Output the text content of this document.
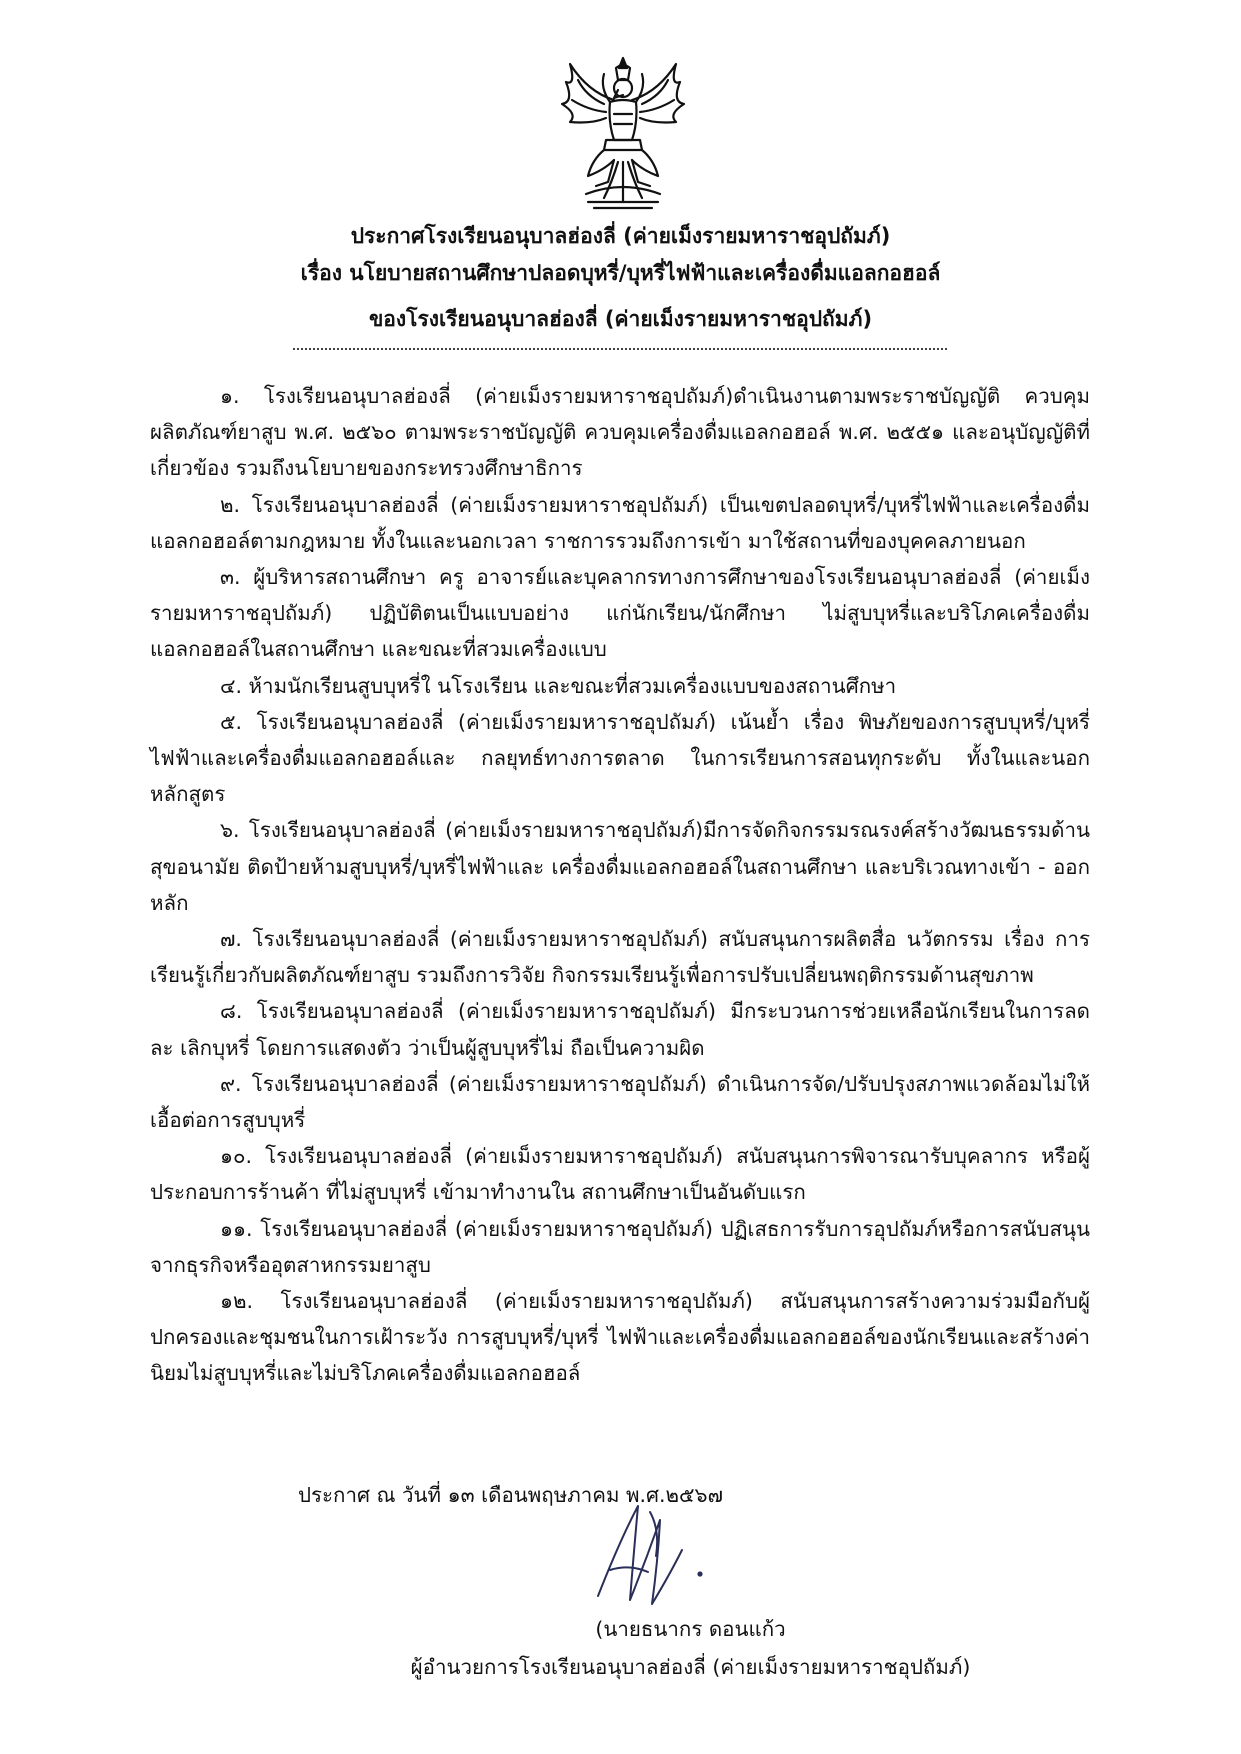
ประกาศโรงเรียนอนุบาลฮ่องลี่ (ค่ายเม็งรายมหาราชอุปถัมภ์)
เรื่อง นโยบายสถานศึกษาปลอดบุหรี่/บุหรี่ไฟฟ้าและเครื่องดื่มแอลกอฮอล์
ของโรงเรียนอนุบาลฮ่องลี่ (ค่ายเม็งรายมหาราชอุปถัมภ์)

๑. โรงเรียนอนุบาลฮ่องลี่ (ค่ายเม็งรายมหาราชอุปถัมภ์)ดำเนินงานตามพระราชบัญญัติ ควบคุมผลิตภัณฑ์ยาสูบ พ.ศ. ๒๕๖๐ ตามพระราชบัญญัติ ควบคุมเครื่องดื่มแอลกอฮอล์ พ.ศ. ๒๕๕๑ และอนุบัญญัติที่เกี่ยวข้อง รวมถึงนโยบายของกระทรวงศึกษาธิการ

๒. โรงเรียนอนุบาลฮ่องลี่ (ค่ายเม็งรายมหาราชอุปถัมภ์) เป็นเขตปลอดบุหรี่/บุหรี่ไฟฟ้าและเครื่องดื่มแอลกอฮอล์ตามกฎหมาย ทั้งในและนอกเวลา ราชการรวมถึงการเข้า มาใช้สถานที่ของบุคคลภายนอก

๓. ผู้บริหารสถานศึกษา ครู อาจารย์และบุคลากรทางการศึกษาของโรงเรียนอนุบาลฮ่องลี่ (ค่ายเม็งรายมหาราชอุปถัมภ์) ปฏิบัติตนเป็นแบบอย่าง แก่นักเรียน/นักศึกษา ไม่สูบบุหรี่และบริโภคเครื่องดื่มแอลกอฮอล์ในสถานศึกษา และขณะที่สวมเครื่องแบบ

๔. ห้ามนักเรียนสูบบุหรี่ใ นโรงเรียน และขณะที่สวมเครื่องแบบของสถานศึกษา

๕. โรงเรียนอนุบาลฮ่องลี่ (ค่ายเม็งรายมหาราชอุปถัมภ์) เน้นย้ำ เรื่อง พิษภัยของการสูบบุหรี่/บุหรี่ไฟฟ้าและเครื่องดื่มแอลกอฮอล์และ กลยุทธ์ทางการตลาด ในการเรียนการสอนทุกระดับ ทั้งในและนอกหลักสูตร

๖. โรงเรียนอนุบาลฮ่องลี่ (ค่ายเม็งรายมหาราชอุปถัมภ์)มีการจัดกิจกรรมรณรงค์สร้างวัฒนธรรมด้านสุขอนามัย ติดป้ายห้ามสูบบุหรี่/บุหรี่ไฟฟ้าและ เครื่องดื่มแอลกอฮอล์ในสถานศึกษา และบริเวณทางเข้า - ออกหลัก

๗. โรงเรียนอนุบาลฮ่องลี่ (ค่ายเม็งรายมหาราชอุปถัมภ์) สนับสนุนการผลิตสื่อ นวัตกรรม เรื่อง การเรียนรู้เกี่ยวกับผลิตภัณฑ์ยาสูบ รวมถึงการวิจัย กิจกรรมเรียนรู้เพื่อการปรับเปลี่ยนพฤติกรรมด้านสุขภาพ

๘. โรงเรียนอนุบาลฮ่องลี่ (ค่ายเม็งรายมหาราชอุปถัมภ์) มีกระบวนการช่วยเหลือนักเรียนในการลด ละ เลิกบุหรี่ โดยการแสดงตัว ว่าเป็นผู้สูบบุหรี่ไม่ ถือเป็นความผิด

๙. โรงเรียนอนุบาลฮ่องลี่ (ค่ายเม็งรายมหาราชอุปถัมภ์) ดำเนินการจัด/ปรับปรุงสภาพแวดล้อมไม่ให้เอื้อต่อการสูบบุหรี่

๑๐. โรงเรียนอนุบาลฮ่องลี่ (ค่ายเม็งรายมหาราชอุปถัมภ์) สนับสนุนการพิจารณารับบุคลากร หรือผู้ประกอบการร้านค้า ที่ไม่สูบบุหรี่ เข้ามาทำงานใน สถานศึกษาเป็นอันดับแรก

๑๑. โรงเรียนอนุบาลฮ่องลี่ (ค่ายเม็งรายมหาราชอุปถัมภ์) ปฏิเสธการรับการอุปถัมภ์หรือการสนับสนุน จากธุรกิจหรืออุตสาหกรรมยาสูบ

๑๒. โรงเรียนอนุบาลฮ่องลี่ (ค่ายเม็งรายมหาราชอุปถัมภ์) สนับสนุนการสร้างความร่วมมือกับผู้ปกครองและชุมชนในการเฝ้าระวัง การสูบบุหรี่/บุหรี่ ไฟฟ้าและเครื่องดื่มแอลกอฮอล์ของนักเรียนและสร้างค่านิยมไม่สูบบุหรี่และไม่บริโภคเครื่องดื่มแอลกอฮอล์

ประกาศ ณ วันที่ ๑๓ เดือนพฤษภาคม พ.ศ.๒๕๖๗
(นายธนากร ดอนแก้ว
ผู้อำนวยการโรงเรียนอนุบาลฮ่องลี่ (ค่ายเม็งรายมหาราชอุปถัมภ์)
